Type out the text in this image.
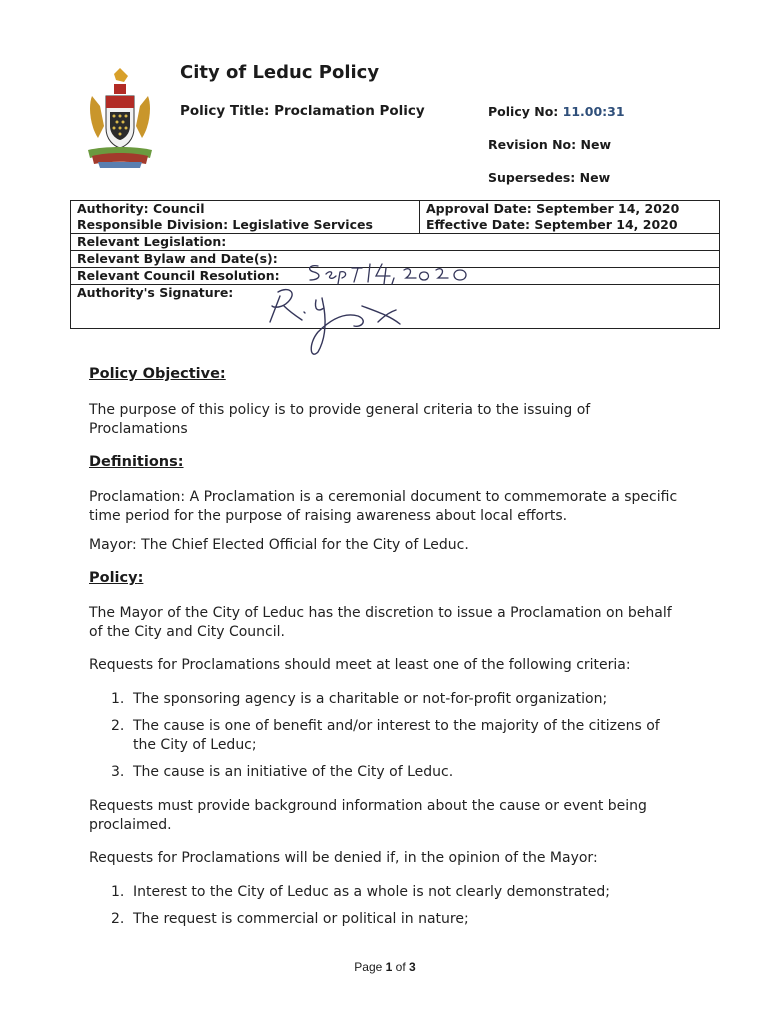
City of Leduc Policy
Policy Title: Proclamation Policy	Policy No: 11.00:31
Revision No: New
Supersedes: New
Authority: Council
Responsible Division: Legislative Services
Relevant Legislation:
Relevant Bylaw and Date(s):
Relevant Council Resolution:
Authority's Signature:
Approval Date: September 14, 2020
Effective Date: September 14, 2020
Policy Objective:
The purpose of this policy is to provide general criteria to the issuing of Proclamations
Definitions:
Proclamation: A Proclamation is a ceremonial document to commemorate a specific time period for the purpose of raising awareness about local efforts.
Mayor: The Chief Elected Official for the City of Leduc.
Policy:
The Mayor of the City of Leduc has the discretion to issue a Proclamation on behalf of the City and City Council.
Requests for Proclamations should meet at least one of the following criteria:
1. The sponsoring agency is a charitable or not-for-profit organization;
2. The cause is one of benefit and/or interest to the majority of the citizens of the City of Leduc;
3. The cause is an initiative of the City of Leduc.
Requests must provide background information about the cause or event being proclaimed.
Requests for Proclamations will be denied if, in the opinion of the Mayor:
1. Interest to the City of Leduc as a whole is not clearly demonstrated;
2. The request is commercial or political in nature;
Page 1 of 3
